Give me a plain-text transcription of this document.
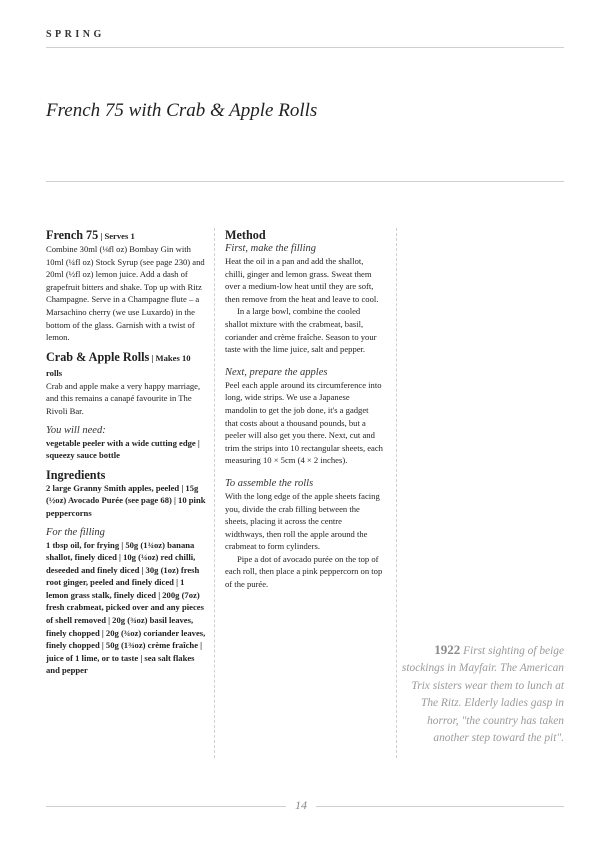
SPRING
French 75 with Crab & Apple Rolls
French 75 | Serves 1

Combine 30ml (⅛fl oz) Bombay Gin with 10ml (¼fl oz) Stock Syrup (see page 230) and 20ml (½fl oz) lemon juice. Add a dash of grapefruit bitters and shake. Top up with Ritz Champagne. Serve in a Champagne flute – a Marsachino cherry (we use Luxardo) in the bottom of the glass. Garnish with a twist of lemon.

Crab & Apple Rolls | Makes 10 rolls

Crab and apple make a very happy marriage, and this remains a canapé favourite in The Rivoli Bar.

You will need:

vegetable peeler with a wide cutting edge | squeezy sauce bottle

Ingredients

2 large Granny Smith apples, peeled | 15g (½oz) Avocado Purée (see page 68) | 10 pink peppercorns

For the filling

1 tbsp oil, for frying | 50g (1¾oz) banana shallot, finely diced | 10g (¼oz) red chilli, deseeded and finely diced | 30g (1oz) fresh root ginger, peeled and finely diced | 1 lemon grass stalk, finely diced | 200g (7oz) fresh crabmeat, picked over and any pieces of shell removed | 20g (¾oz) basil leaves, finely chopped | 20g (¾oz) coriander leaves, finely chopped | 50g (1¾oz) crème fraîche | juice of 1 lime, or to taste | sea salt flakes and pepper

Method

First, make the filling

Heat the oil in a pan and add the shallot, chilli, ginger and lemon grass. Sweat them over a medium-low heat until they are soft, then remove from the heat and leave to cool.

In a large bowl, combine the cooled shallot mixture with the crabmeat, basil, coriander and crème fraîche. Season to your taste with the lime juice, salt and pepper.

Next, prepare the apples

Peel each apple around its circumference into long, wide strips. We use a Japanese mandolin to get the job done, it's a gadget that costs about a thousand pounds, but a peeler will also get you there. Next, cut and trim the strips into 10 rectangular sheets, each measuring 10 × 5cm (4 × 2 inches).

To assemble the rolls

With the long edge of the apple sheets facing you, divide the crab filling between the sheets, placing it across the centre widthways, then roll the apple around the crabmeat to form cylinders.

Pipe a dot of avocado purée on the top of each roll, then place a pink peppercorn on top of the purée.

1922 First sighting of beige stockings in Mayfair. The American Trix sisters wear them to lunch at The Ritz. Elderly ladies gasp in horror, "the country has taken another step toward the pit".
14
